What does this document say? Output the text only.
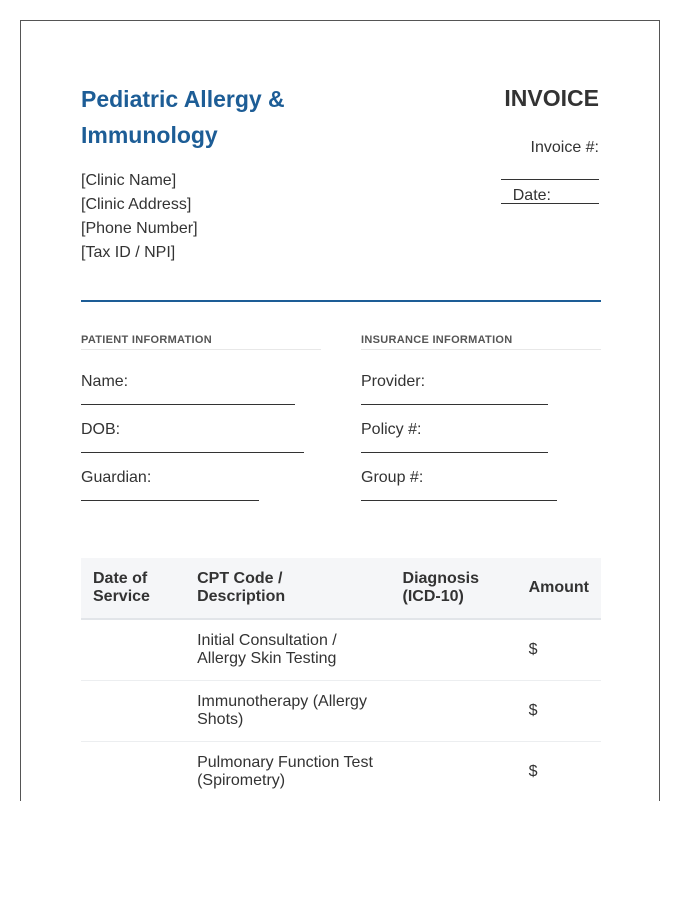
Pediatric Allergy & Immunology
[Clinic Name]
[Clinic Address]
[Phone Number]
[Tax ID / NPI]
INVOICE
Invoice #:
Date:
PATIENT INFORMATION
Name:
DOB:
Guardian:
INSURANCE INFORMATION
Provider:
Policy #:
Group #:
Date of Service	CPT Code / Description	Diagnosis (ICD-10)	Amount
	Initial Consultation / Allergy Skin Testing		$
	Immunotherapy (Allergy Shots)		$
	Pulmonary Function Test (Spirometry)		$
